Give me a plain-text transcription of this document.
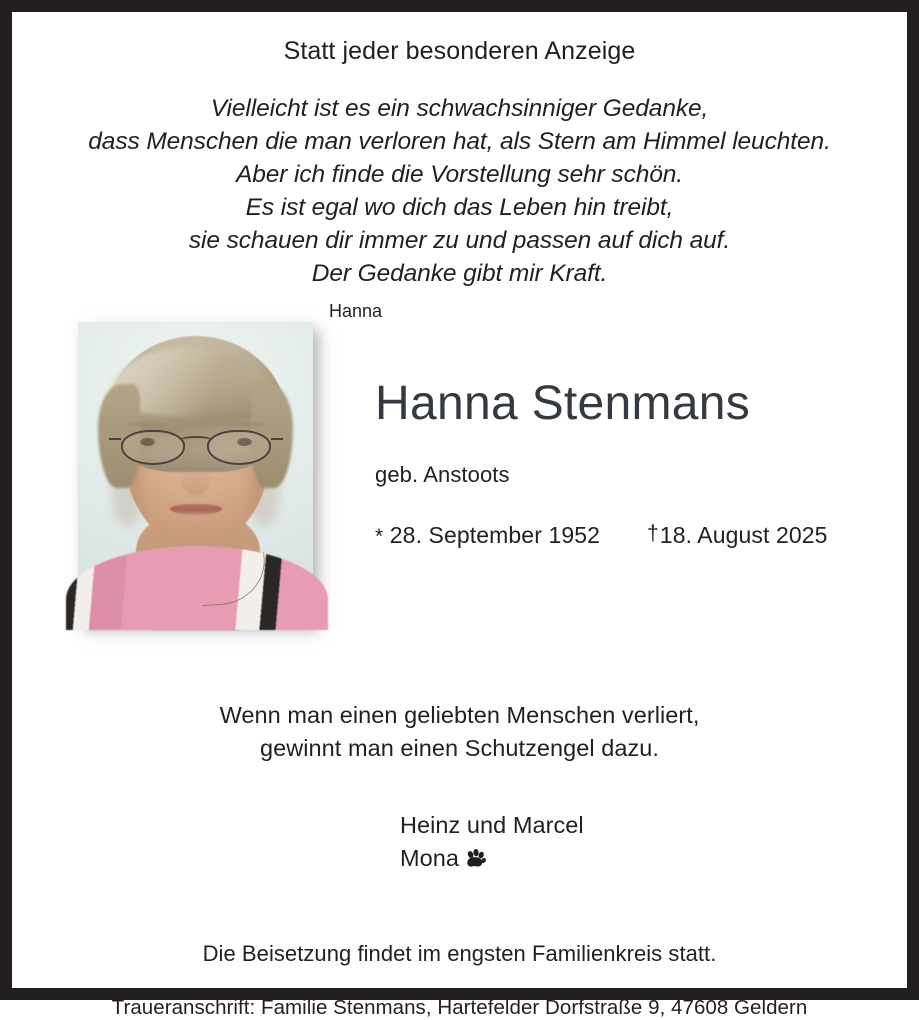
Statt jeder besonderen Anzeige

Vielleicht ist es ein schwachsinniger Gedanke,
dass Menschen die man verloren hat, als Stern am Himmel leuchten.
Aber ich finde die Vorstellung sehr schön.
Es ist egal wo dich das Leben hin treibt,
sie schauen dir immer zu und passen auf dich auf.
Der Gedanke gibt mir Kraft.

Hanna

Hanna Stenmans

geb. Anstoots

* 28. September 1952 †18. August 2025
Wenn man einen geliebten Menschen verliert,
gewinnt man einen Schutzengel dazu.
Heinz und Marcel
Mona

Die Beisetzung findet im engsten Familienkreis statt.

Traueranschrift: Familie Stenmans, Hartefelder Dorfstraße 9, 47608 Geldern
